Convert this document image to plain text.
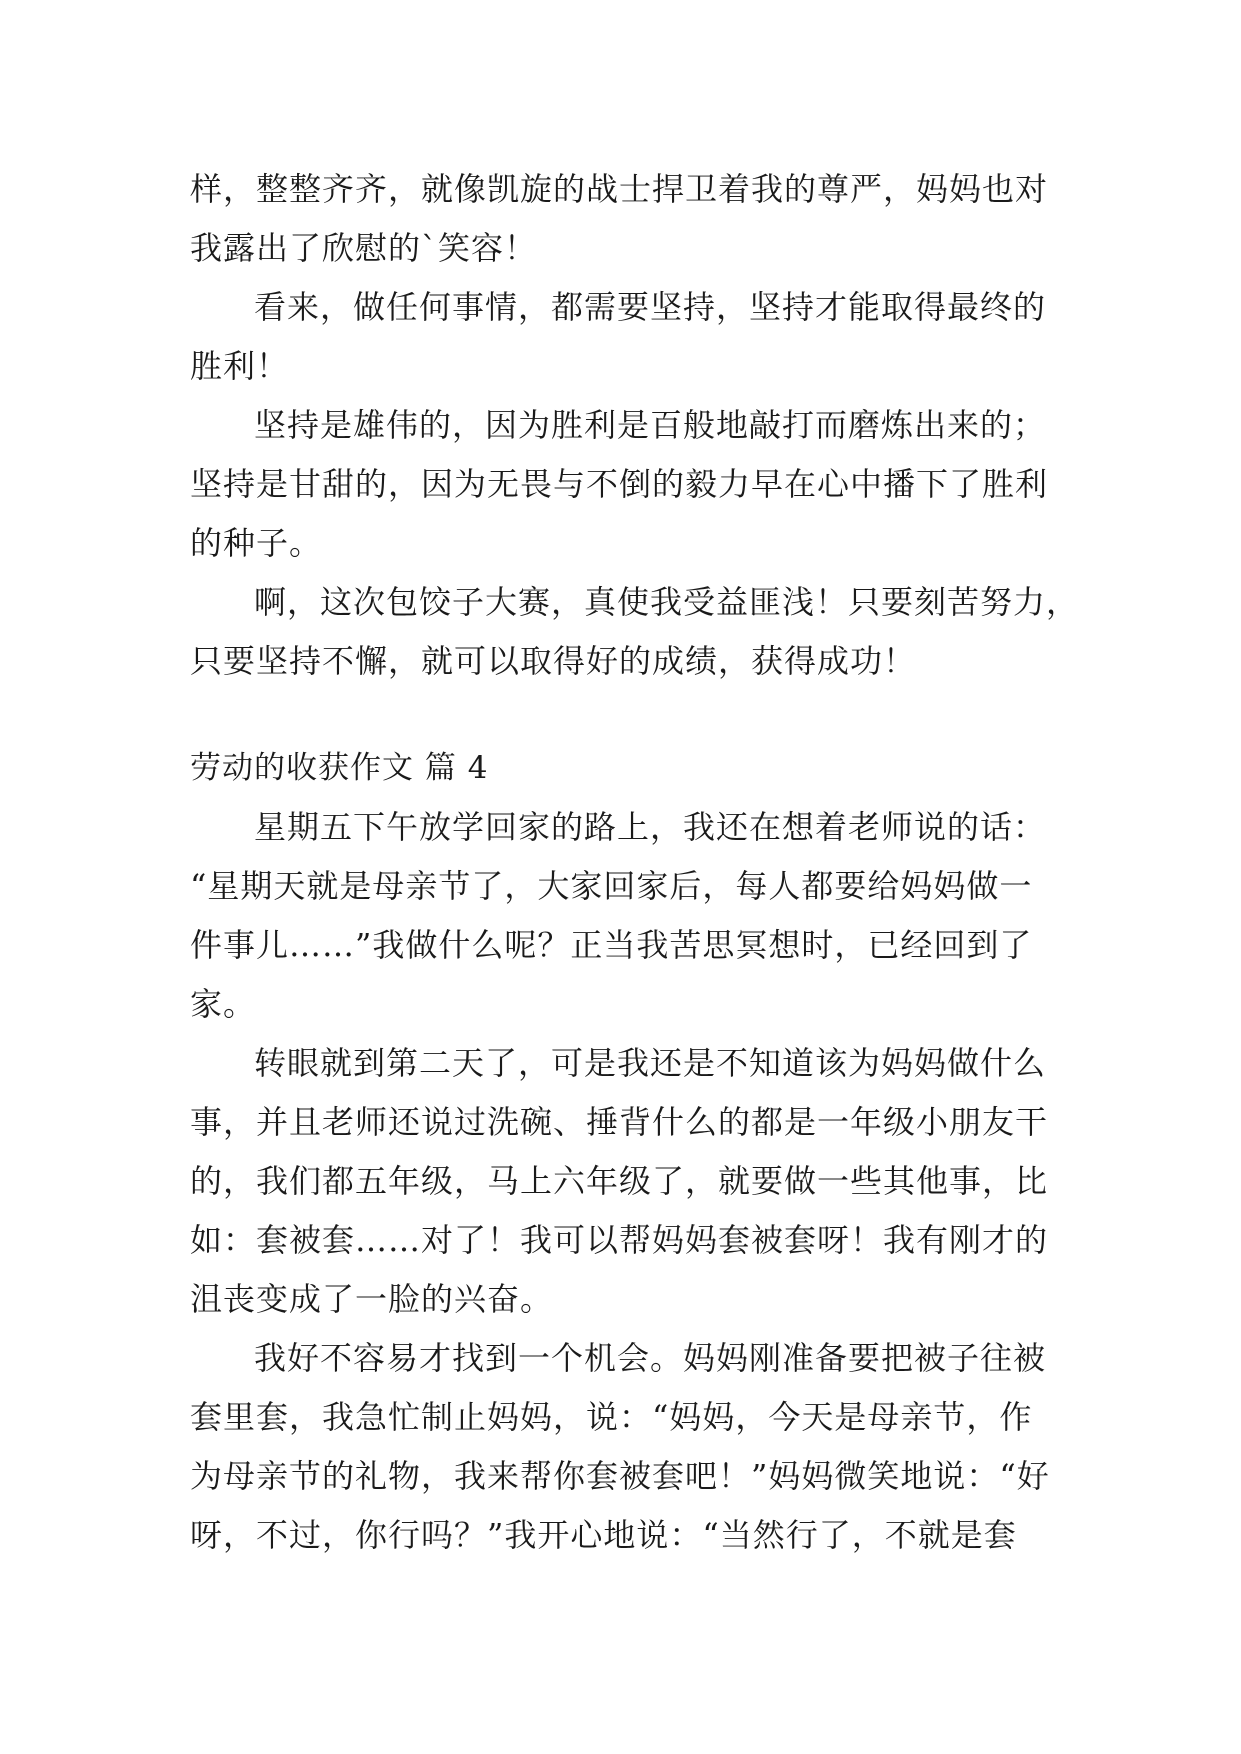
样，整整齐齐，就像凯旋的战士捍卫着我的尊严，妈妈也对
我露出了欣慰的`笑容！
看来，做任何事情，都需要坚持，坚持才能取得最终的
胜利！
坚持是雄伟的，因为胜利是百般地敲打而磨炼出来的；
坚持是甘甜的，因为无畏与不倒的毅力早在心中播下了胜利
的种子。
啊，这次包饺子大赛，真使我受益匪浅！只要刻苦努力，
只要坚持不懈，就可以取得好的成绩，获得成功！
劳动的收获作文 篇 4
星期五下午放学回家的路上，我还在想着老师说的话：
“星期天就是母亲节了，大家回家后，每人都要给妈妈做一
件事儿……”我做什么呢？正当我苦思冥想时，已经回到了
家。
转眼就到第二天了，可是我还是不知道该为妈妈做什么
事，并且老师还说过洗碗、捶背什么的都是一年级小朋友干
的，我们都五年级，马上六年级了，就要做一些其他事，比
如：套被套……对了！我可以帮妈妈套被套呀！我有刚才的
沮丧变成了一脸的兴奋。
我好不容易才找到一个机会。妈妈刚准备要把被子往被
套里套，我急忙制止妈妈，说：“妈妈，今天是母亲节，作
为母亲节的礼物，我来帮你套被套吧！”妈妈微笑地说：“好
呀，不过，你行吗？”我开心地说：“当然行了，不就是套
